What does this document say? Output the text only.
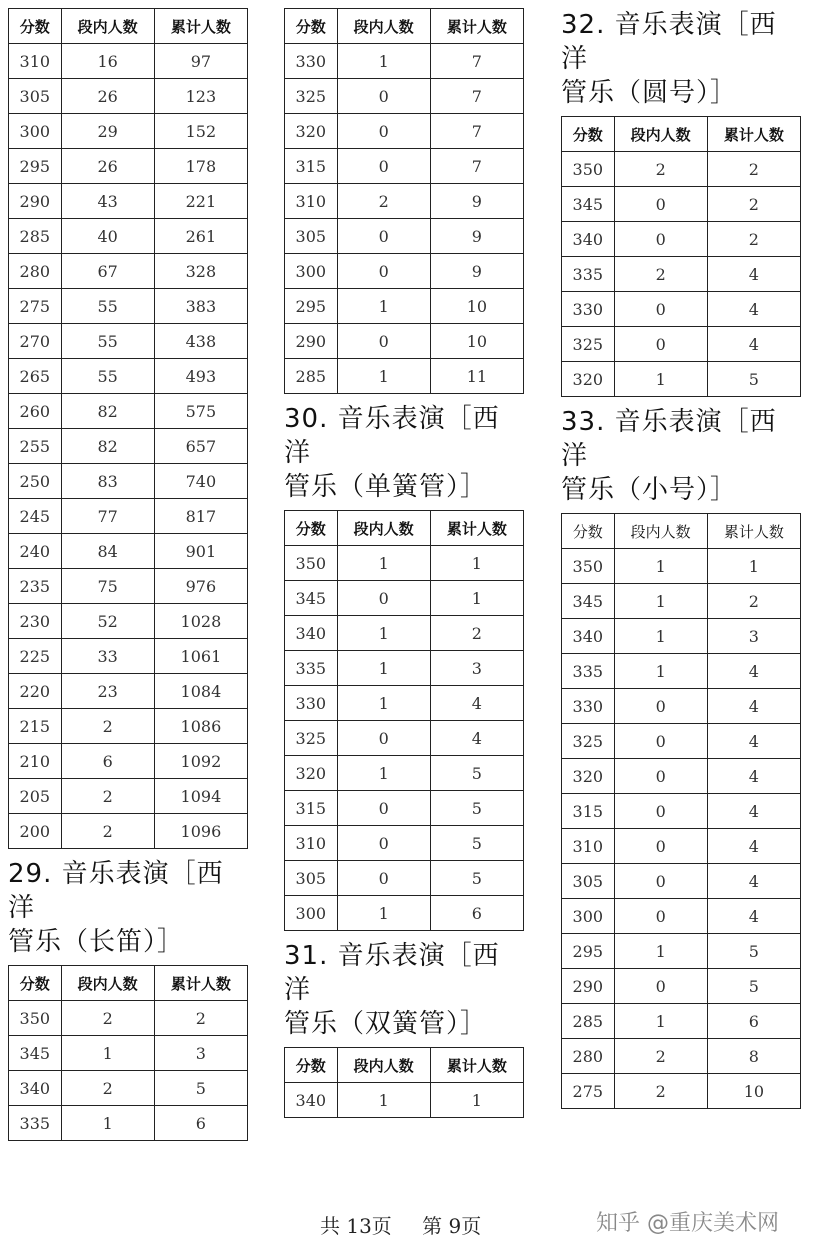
分数	段内人数	累计人数
310	16	97
305	26	123
300	29	152
295	26	178
290	43	221
285	40	261
280	67	328
275	55	383
270	55	438
265	55	493
260	82	575
255	82	657
250	83	740
245	77	817
240	84	901
235	75	976
230	52	1028
225	33	1061
220	23	1084
215	2	1086
210	6	1092
205	2	1094
200	2	1096
29. 音乐表演［西洋
管乐（长笛）］
分数	段内人数	累计人数
350	2	2
345	1	3
340	2	5
335	1	6
分数	段内人数	累计人数
330	1	7
325	0	7
320	0	7
315	0	7
310	2	9
305	0	9
300	0	9
295	1	10
290	0	10
285	1	11
30. 音乐表演［西洋
管乐（单簧管）］
分数	段内人数	累计人数
350	1	1
345	0	1
340	1	2
335	1	3
330	1	4
325	0	4
320	1	5
315	0	5
310	0	5
305	0	5
300	1	6
31. 音乐表演［西洋
管乐（双簧管）］
分数	段内人数	累计人数
340	1	1
32. 音乐表演［西洋
管乐（圆号）］
分数	段内人数	累计人数
350	2	2
345	0	2
340	0	2
335	2	4
330	0	4
325	0	4
320	1	5
33. 音乐表演［西洋
管乐（小号）］
分数	段内人数	累计人数
350	1	1
345	1	2
340	1	3
335	1	4
330	0	4
325	0	4
320	0	4
315	0	4
310	0	4
305	0	4
300	0	4
295	1	5
290	0	5
285	1	6
280	2	8
275	2	10
共 13页 第 9页	知乎 @重庆美术网
